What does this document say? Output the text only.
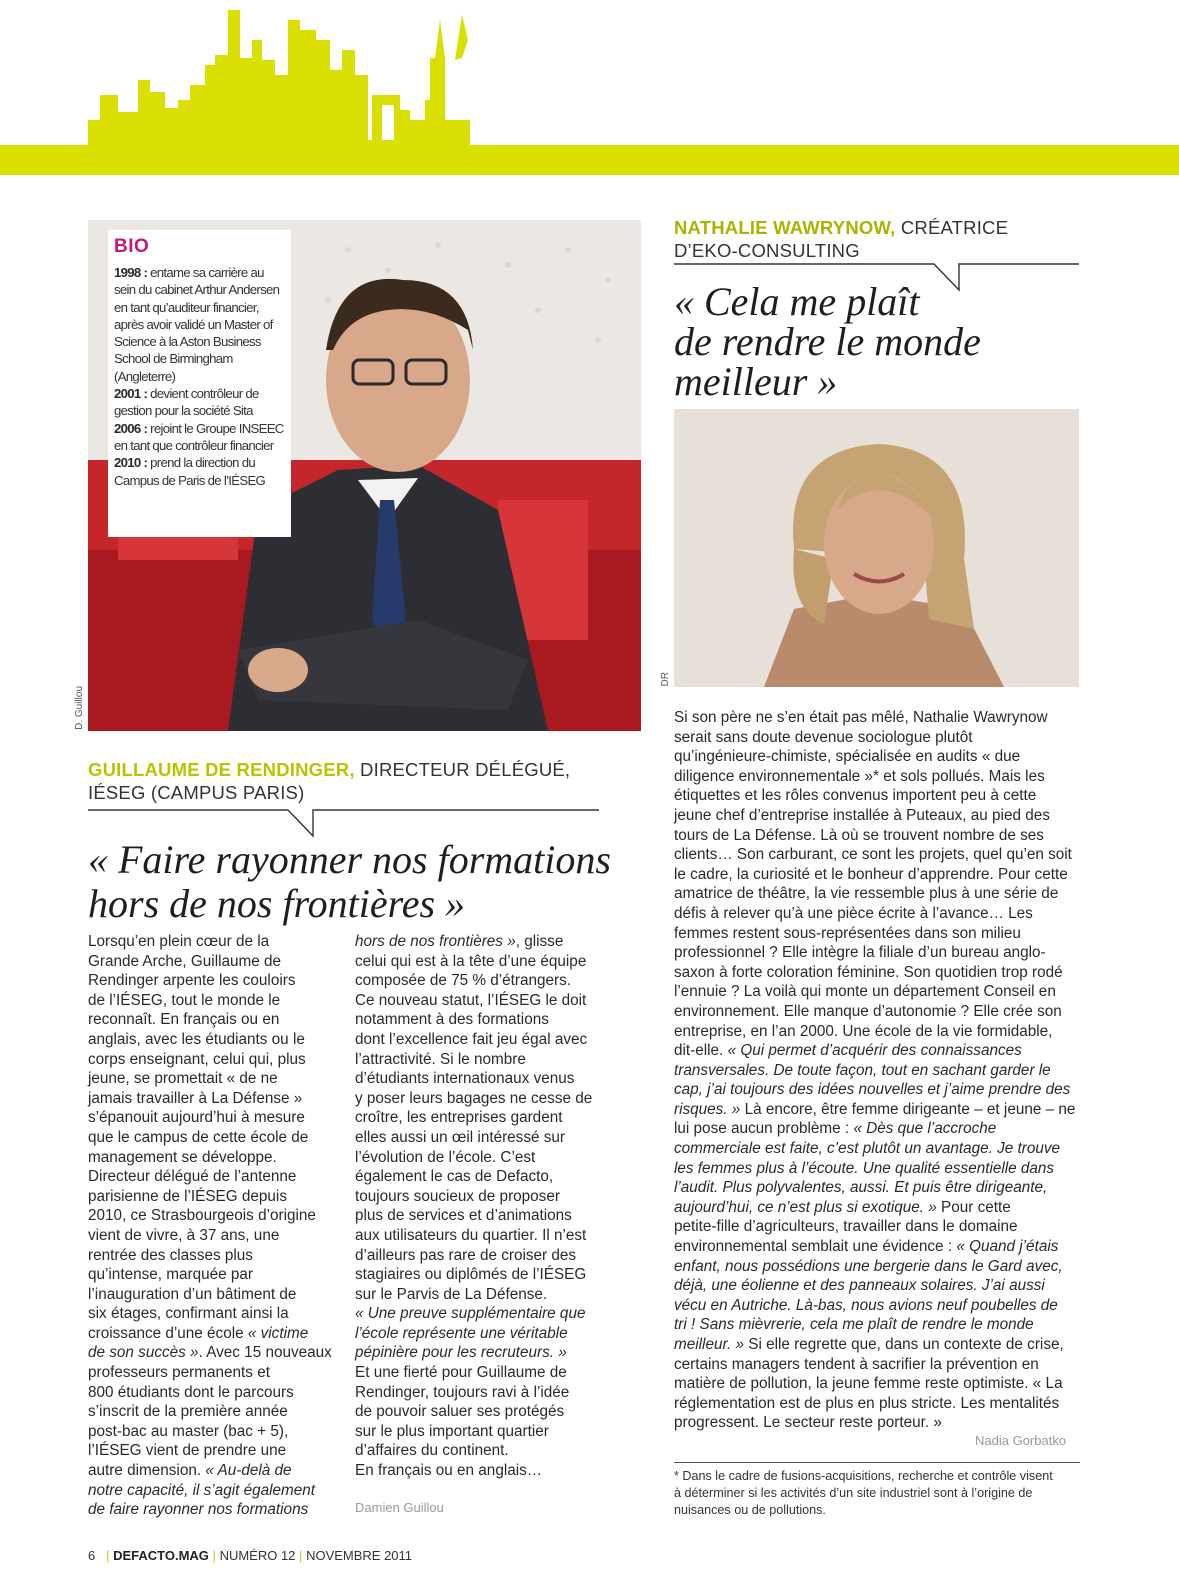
BIO
1998 : entame sa carrière au sein du cabinet Arthur Andersen en tant qu’auditeur financier, après avoir validé un Master of Science à la Aston Business School de Birmingham (Angleterre)
2001 : devient contrôleur de gestion pour la société Sita
2006 : rejoint le Groupe INSEEC en tant que contrôleur financier
2010 : prend la direction du Campus de Paris de l’IÉSEG
D. Guillou
NATHALIE WAWRYNOW, CRÉATRICE
D’EKO-CONSULTING
« Cela me plaît
de rendre le monde
meilleur »
DR
GUILLAUME DE RENDINGER, DIRECTEUR DÉLÉGUÉ,
IÉSEG (CAMPUS PARIS)
« Faire rayonner nos formations
hors de nos frontières »
Lorsqu’en plein cœur de la
Grande Arche, Guillaume de
Rendinger arpente les couloirs
de l’IÉSEG, tout le monde le
reconnaît. En français ou en
anglais, avec les étudiants ou le
corps enseignant, celui qui, plus
jeune, se promettait « de ne
jamais travailler à La Défense »
s’épanouit aujourd’hui à mesure
que le campus de cette école de
management se développe.
Directeur délégué de l’antenne
parisienne de l’IÉSEG depuis
2010, ce Strasbourgeois d’origine
vient de vivre, à 37 ans, une
rentrée des classes plus
qu’intense, marquée par
l’inauguration d’un bâtiment de
six étages, confirmant ainsi la
croissance d’une école « victime
de son succès ». Avec 15 nouveaux
professeurs permanents et
800 étudiants dont le parcours
s’inscrit de la première année
post-bac au master (bac + 5),
l’IÉSEG vient de prendre une
autre dimension. « Au-delà de
notre capacité, il s’agit également
de faire rayonner nos formations
hors de nos frontières », glisse
celui qui est à la tête d’une équipe
composée de 75 % d’étrangers.
Ce nouveau statut, l’IÉSEG le doit
notamment à des formations
dont l’excellence fait jeu égal avec
l’attractivité. Si le nombre
d’étudiants internationaux venus
y poser leurs bagages ne cesse de
croître, les entreprises gardent
elles aussi un œil intéressé sur
l’évolution de l’école. C’est
également le cas de Defacto,
toujours soucieux de proposer
plus de services et d’animations
aux utilisateurs du quartier. Il n’est
d’ailleurs pas rare de croiser des
stagiaires ou diplômés de l’IÉSEG
sur le Parvis de La Défense.
« Une preuve supplémentaire que
l’école représente une véritable
pépinière pour les recruteurs. »
Et une fierté pour Guillaume de
Rendinger, toujours ravi à l’idée
de pouvoir saluer ses protégés
sur le plus important quartier
d’affaires du continent.
En français ou en anglais…
Damien Guillou
Si son père ne s’en était pas mêlé, Nathalie Wawrynow
serait sans doute devenue sociologue plutôt
qu’ingénieure-chimiste, spécialisée en audits « due
diligence environnementale »* et sols pollués. Mais les
étiquettes et les rôles convenus importent peu à cette
jeune chef d’entreprise installée à Puteaux, au pied des
tours de La Défense. Là où se trouvent nombre de ses
clients… Son carburant, ce sont les projets, quel qu’en soit
le cadre, la curiosité et le bonheur d’apprendre. Pour cette
amatrice de théâtre, la vie ressemble plus à une série de
défis à relever qu’à une pièce écrite à l’avance… Les
femmes restent sous-représentées dans son milieu
professionnel ? Elle intègre la filiale d’un bureau anglo-
saxon à forte coloration féminine. Son quotidien trop rodé
l’ennuie ? La voilà qui monte un département Conseil en
environnement. Elle manque d’autonomie ? Elle crée son
entreprise, en l’an 2000. Une école de la vie formidable,
dit-elle. « Qui permet d’acquérir des connaissances
transversales. De toute façon, tout en sachant garder le
cap, j’ai toujours des idées nouvelles et j’aime prendre des
risques. » Là encore, être femme dirigeante – et jeune – ne
lui pose aucun problème : « Dès que l’accroche
commerciale est faite, c’est plutôt un avantage. Je trouve
les femmes plus à l’écoute. Une qualité essentielle dans
l’audit. Plus polyvalentes, aussi. Et puis être dirigeante,
aujourd’hui, ce n’est plus si exotique. » Pour cette
petite-fille d’agriculteurs, travailler dans le domaine
environnemental semblait une évidence : « Quand j’étais
enfant, nous possédions une bergerie dans le Gard avec,
déjà, une éolienne et des panneaux solaires. J’ai aussi
vécu en Autriche. Là-bas, nous avions neuf poubelles de
tri ! Sans mièvrerie, cela me plaît de rendre le monde
meilleur. » Si elle regrette que, dans un contexte de crise,
certains managers tendent à sacrifier la prévention en
matière de pollution, la jeune femme reste optimiste. « La
réglementation est de plus en plus stricte. Les mentalités
progressent. Le secteur reste porteur. »
Nadia Gorbatko
* Dans le cadre de fusions-acquisitions, recherche et contrôle visent
à déterminer si les activités d’un site industriel sont à l’origine de
nuisances ou de pollutions.
6 | DEFACTO.MAG | NUMÉRO 12 | NOVEMBRE 2011
